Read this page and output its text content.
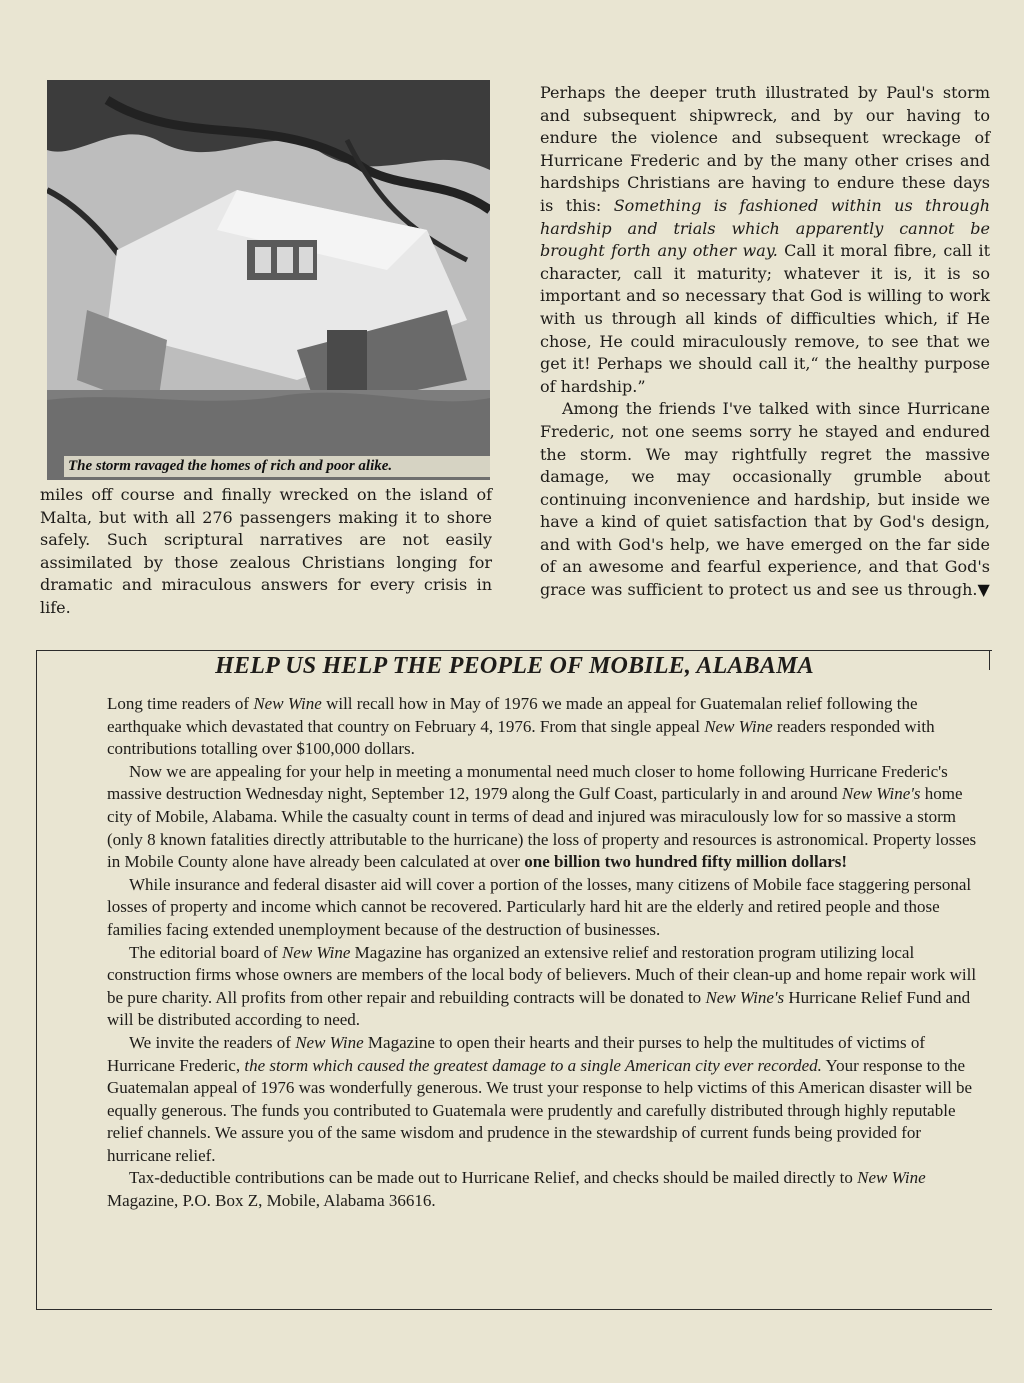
The storm ravaged the homes of rich and poor alike.
miles off course and finally wrecked on the island of Malta, but with all 276 passengers making it to shore safely. Such scriptural narratives are not easily assimilated by those zealous Christians longing for dramatic and miraculous answers for every crisis in life.

Perhaps the deeper truth illustrated by Paul's storm and subsequent shipwreck, and by our having to endure the violence and subsequent wreckage of Hurricane Frederic and by the many other crises and hardships Christians are having to endure these days is this: Something is fashioned within us through hardship and trials which apparently cannot be brought forth any other way. Call it moral fibre, call it character, call it maturity; whatever it is, it is so important and so necessary that God is willing to work with us through all kinds of difficulties which, if He chose, He could miraculously remove, to see that we get it! Perhaps we should call it,“ the healthy purpose of hardship.”

Among the friends I've talked with since Hurricane Frederic, not one seems sorry he stayed and endured the storm. We may rightfully regret the massive damage, we may occasionally grumble about continuing inconvenience and hardship, but inside we have a kind of quiet satisfaction that by God's design, and with God's help, we have emerged on the far side of an awesome and fearful experience, and that God's grace was sufficient to protect us and see us through.▼

HELP US HELP THE PEOPLE OF MOBILE, ALABAMA

Long time readers of New Wine will recall how in May of 1976 we made an appeal for Guatemalan relief following the earthquake which devastated that country on February 4, 1976. From that single appeal New Wine readers responded with contributions totalling over $100,000 dollars.

Now we are appealing for your help in meeting a monumental need much closer to home following Hurricane Frederic's massive destruction Wednesday night, September 12, 1979 along the Gulf Coast, particularly in and around New Wine's home city of Mobile, Alabama. While the casualty count in terms of dead and injured was miraculously low for so massive a storm (only 8 known fatalities directly attributable to the hurricane) the loss of property and resources is astronomical. Property losses in Mobile County alone have already been calculated at over one billion two hundred fifty million dollars!

While insurance and federal disaster aid will cover a portion of the losses, many citizens of Mobile face staggering personal losses of property and income which cannot be recovered. Particularly hard hit are the elderly and retired people and those families facing extended unemployment because of the destruction of businesses.

The editorial board of New Wine Magazine has organized an extensive relief and restoration program utilizing local construction firms whose owners are members of the local body of believers. Much of their clean-up and home repair work will be pure charity. All profits from other repair and rebuilding contracts will be donated to New Wine's Hurricane Relief Fund and will be distributed according to need.

We invite the readers of New Wine Magazine to open their hearts and their purses to help the multitudes of victims of Hurricane Frederic, the storm which caused the greatest damage to a single American city ever recorded. Your response to the Guatemalan appeal of 1976 was wonderfully generous. We trust your response to help victims of this American disaster will be equally generous. The funds you contributed to Guatemala were prudently and carefully distributed through highly reputable relief channels. We assure you of the same wisdom and prudence in the stewardship of current funds being provided for hurricane relief.

Tax-deductible contributions can be made out to Hurricane Relief, and checks should be mailed directly to New Wine Magazine, P.O. Box Z, Mobile, Alabama 36616.
